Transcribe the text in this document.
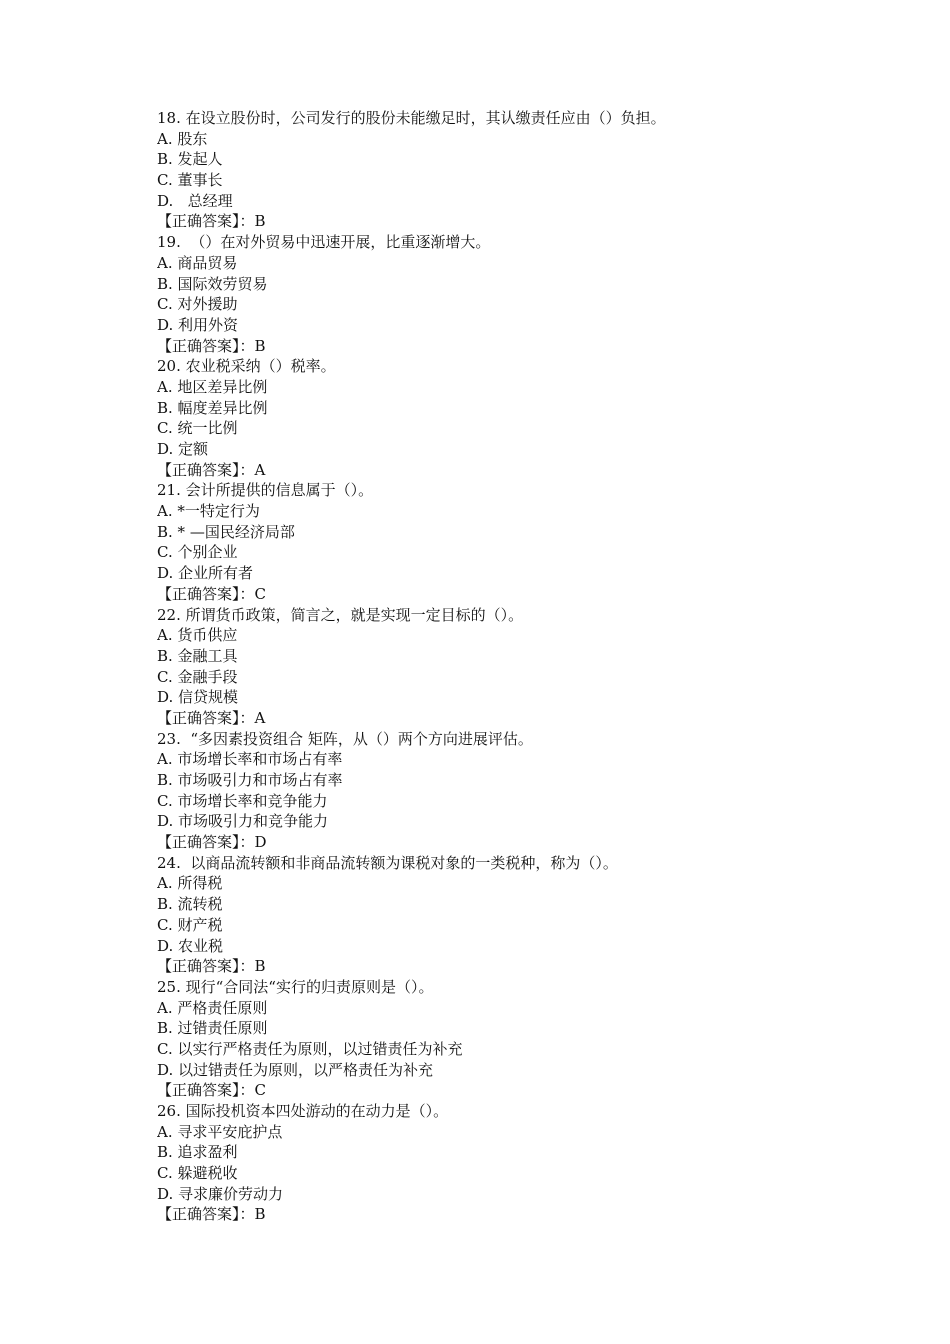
18. 在设立股份时，公司发行的股份未能缴足时，其认缴责任应由（）负担。
A. 股东
B. 发起人
C. 董事长
D.   总经理
【正确答案】：B
19.  （）在对外贸易中迅速开展，比重逐渐增大。
A. 商品贸易
B. 国际效劳贸易
C. 对外援助
D. 利用外资
【正确答案】：B
20. 农业税采纳（）税率。
A. 地区差异比例
B. 幅度差异比例
C. 统一比例
D. 定额
【正确答案】：A
21. 会计所提供的信息属于（）。
A. *一特定行为
B. * —国民经济局部
C. 个别企业
D. 企业所有者
【正确答案】：C
22. 所谓货币政策，简言之，就是实现一定目标的（）。
A. 货币供应
B. 金融工具
C. 金融手段
D. 信贷规模
【正确答案】：A
23.  “多因素投资组合 矩阵，从（）两个方向进展评估。
A. 市场增长率和市场占有率
B. 市场吸引力和市场占有率
C. 市场增长率和竞争能力
D. 市场吸引力和竞争能力
【正确答案】：D
24.  以商品流转额和非商品流转额为课税对象的一类税种，称为（）。
A. 所得税
B. 流转税
C. 财产税
D. 农业税
【正确答案】：B
25. 现行“合同法“实行的归责原则是（）。
A. 严格责任原则
B. 过错责任原则
C. 以实行严格责任为原则，以过错责任为补充
D. 以过错责任为原则，以严格责任为补充
【正确答案】：C
26. 国际投机资本四处游动的在动力是（）。
A. 寻求平安庇护点
B. 追求盈利
C. 躲避税收
D. 寻求廉价劳动力
【正确答案】：B
